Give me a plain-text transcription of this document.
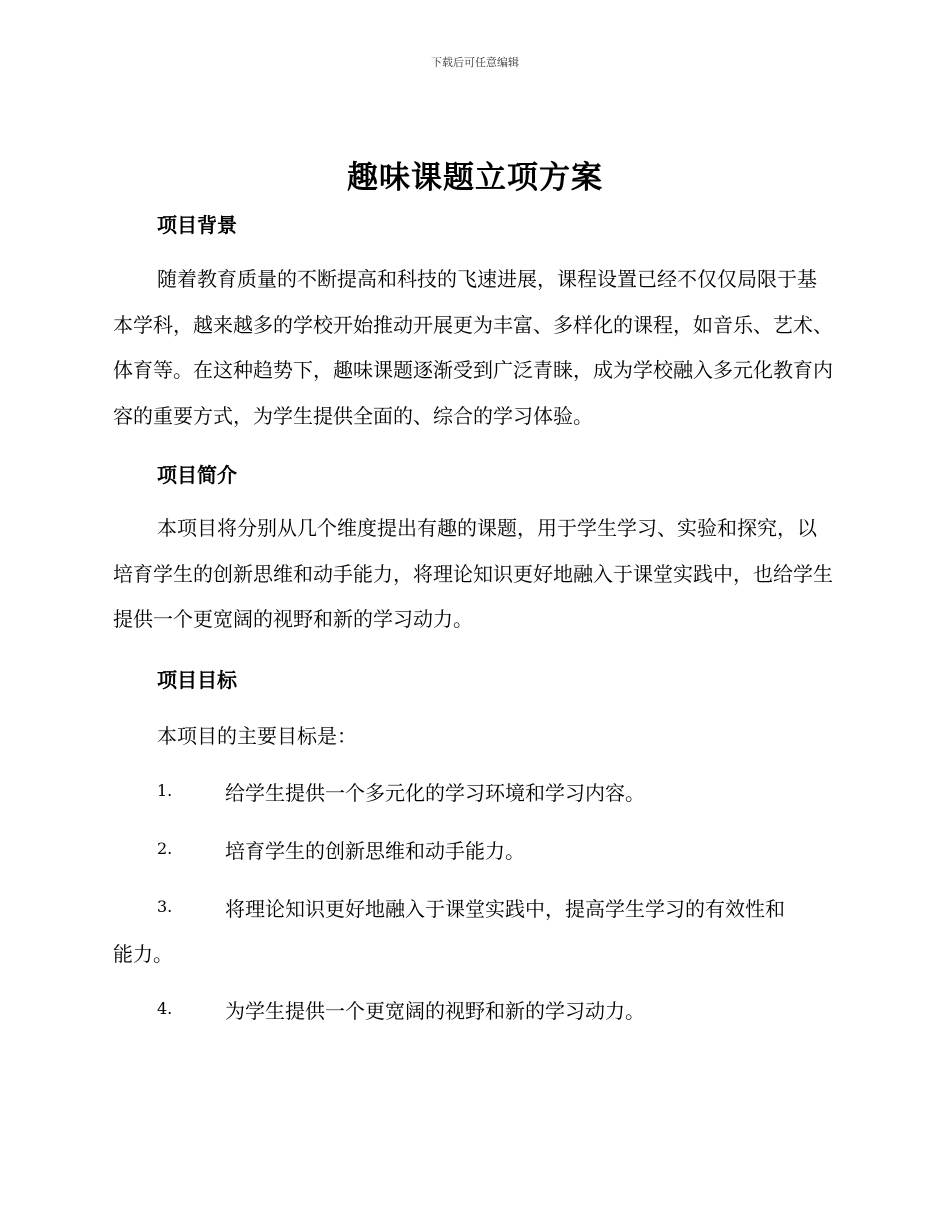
下载后可任意编辑
趣味课题立项方案
项目背景

随着教育质量的不断提高和科技的飞速进展，课程设置已经不仅仅局限于基本学科，越来越多的学校开始推动开展更为丰富、多样化的课程，如音乐、艺术、体育等。在这种趋势下，趣味课题逐渐受到广泛青睐，成为学校融入多元化教育内容的重要方式，为学生提供全面的、综合的学习体验。

项目简介

本项目将分别从几个维度提出有趣的课题，用于学生学习、实验和探究，以培育学生的创新思维和动手能力，将理论知识更好地融入于课堂实践中，也给学生提供一个更宽阔的视野和新的学习动力。

项目目标

本项目的主要目标是：

1.	给学生提供一个多元化的学习环境和学习内容。
2.	培育学生的创新思维和动手能力。
3.	将理论知识更好地融入于课堂实践中，提高学生学习的有效性和
能力。
4.	为学生提供一个更宽阔的视野和新的学习动力。
